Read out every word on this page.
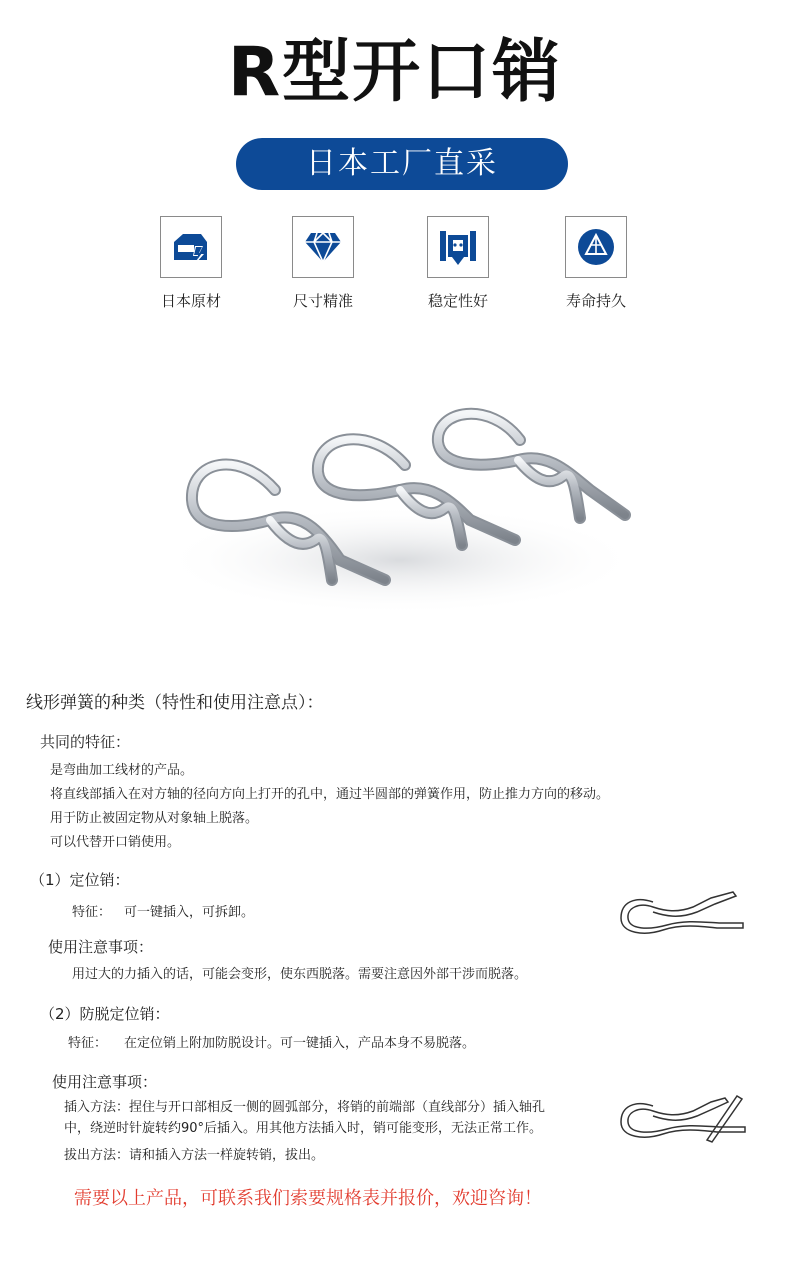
R型开口销
日本工厂直采
日本原材	尺寸精准	稳定性好	寿命持久
线形弹簧的种类（特性和使用注意点）：
共同的特征：
是弯曲加工线材的产品。
将直线部插入在对方轴的径向方向上打开的孔中，通过半圆部的弹簧作用，防止推力方向的移动。
用于防止被固定物从对象轴上脱落。
可以代替开口销使用。
（1）定位销：
特征： 可一键插入，可拆卸。
使用注意事项：
用过大的力插入的话，可能会变形，使东西脱落。需要注意因外部干涉而脱落。
（2）防脱定位销：
特征： 在定位销上附加防脱设计。可一键插入，产品本身不易脱落。
使用注意事项：
插入方法：捏住与开口部相反一侧的圆弧部分，将销的前端部（直线部分）插入轴孔
中，绕逆时针旋转约90°后插入。用其他方法插入时，销可能变形，无法正常工作。
拔出方法：请和插入方法一样旋转销，拔出。
需要以上产品，可联系我们索要规格表并报价，欢迎咨询！
